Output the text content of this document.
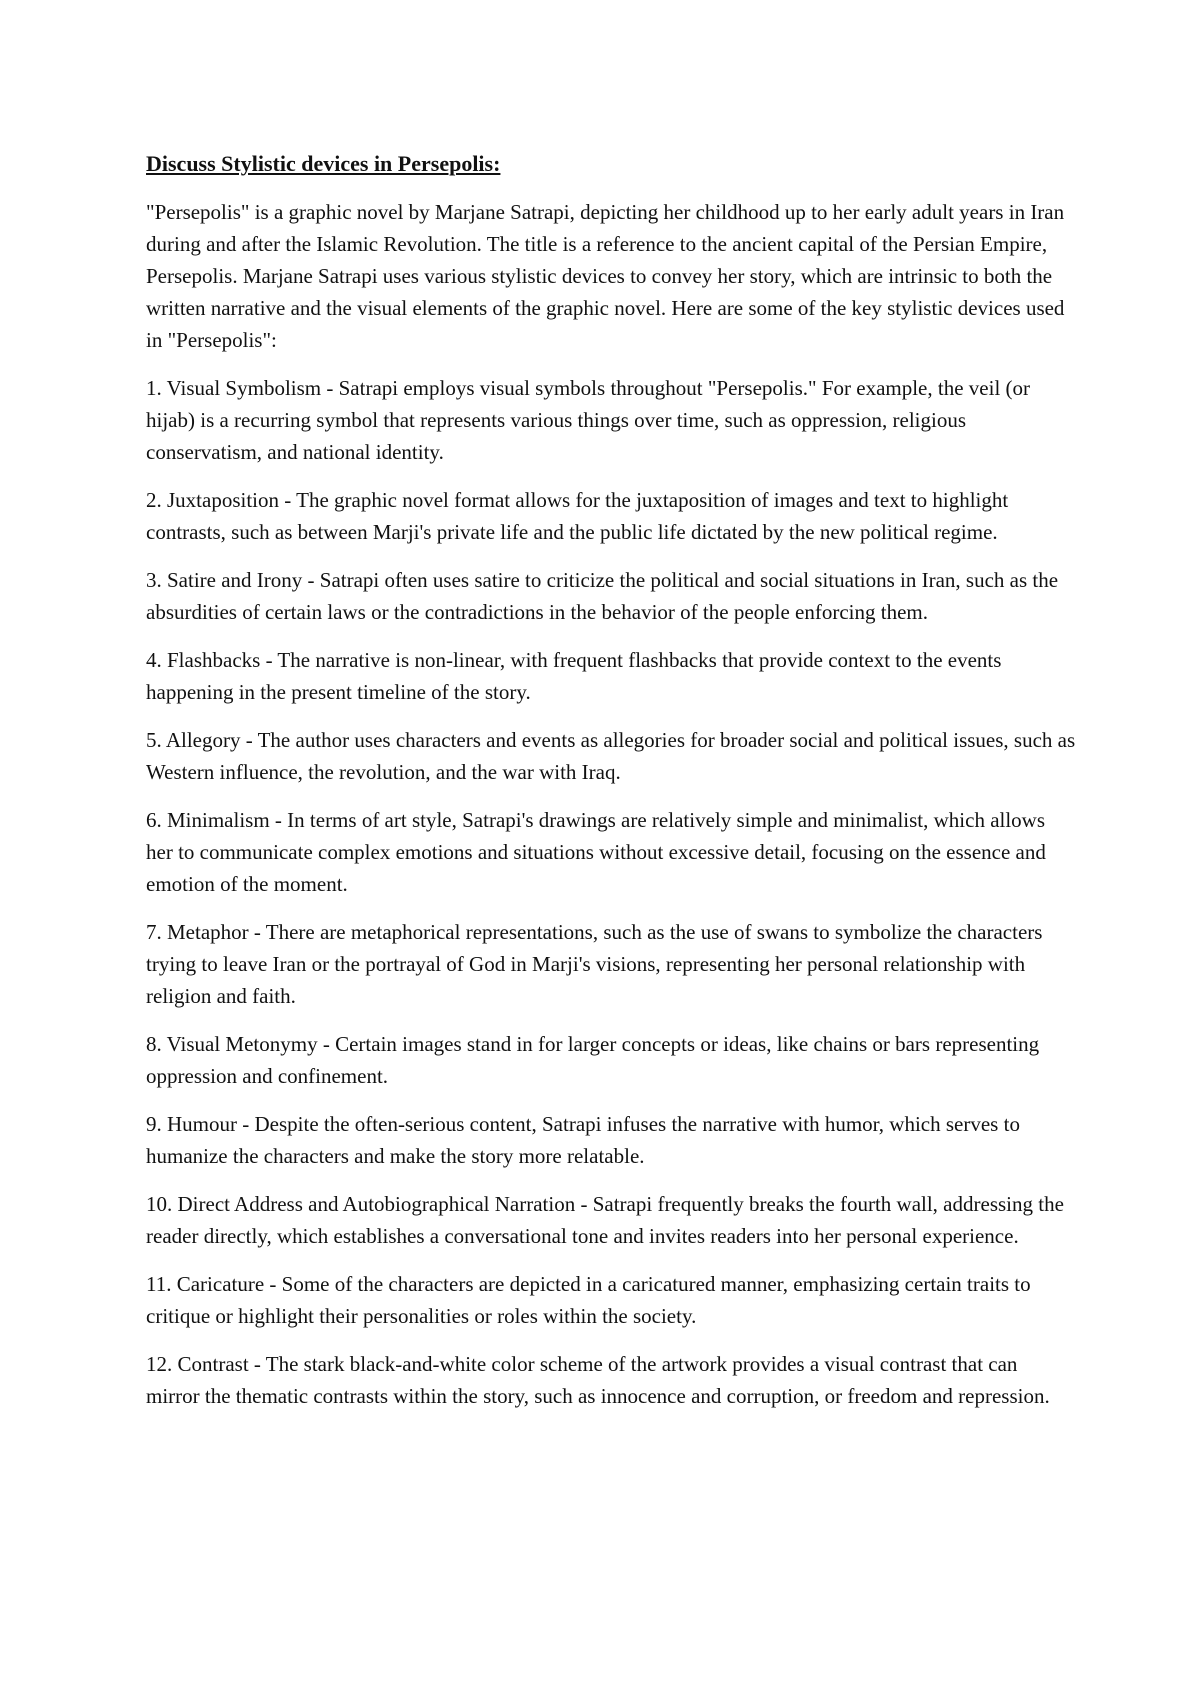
Discuss Stylistic devices in Persepolis:
"Persepolis" is a graphic novel by Marjane Satrapi, depicting her childhood up to her early adult years in Iran during and after the Islamic Revolution. The title is a reference to the ancient capital of the Persian Empire, Persepolis. Marjane Satrapi uses various stylistic devices to convey her story, which are intrinsic to both the written narrative and the visual elements of the graphic novel. Here are some of the key stylistic devices used in "Persepolis":
1. Visual Symbolism - Satrapi employs visual symbols throughout "Persepolis." For example, the veil (or hijab) is a recurring symbol that represents various things over time, such as oppression, religious conservatism, and national identity.
2. Juxtaposition - The graphic novel format allows for the juxtaposition of images and text to highlight contrasts, such as between Marji's private life and the public life dictated by the new political regime.
3. Satire and Irony - Satrapi often uses satire to criticize the political and social situations in Iran, such as the absurdities of certain laws or the contradictions in the behavior of the people enforcing them.
4. Flashbacks - The narrative is non-linear, with frequent flashbacks that provide context to the events happening in the present timeline of the story.
5. Allegory - The author uses characters and events as allegories for broader social and political issues, such as Western influence, the revolution, and the war with Iraq.
6. Minimalism - In terms of art style, Satrapi's drawings are relatively simple and minimalist, which allows her to communicate complex emotions and situations without excessive detail, focusing on the essence and emotion of the moment.
7. Metaphor - There are metaphorical representations, such as the use of swans to symbolize the characters trying to leave Iran or the portrayal of God in Marji's visions, representing her personal relationship with religion and faith.
8. Visual Metonymy - Certain images stand in for larger concepts or ideas, like chains or bars representing oppression and confinement.
9. Humour - Despite the often-serious content, Satrapi infuses the narrative with humor, which serves to humanize the characters and make the story more relatable.
10. Direct Address and Autobiographical Narration - Satrapi frequently breaks the fourth wall, addressing the reader directly, which establishes a conversational tone and invites readers into her personal experience.
11. Caricature - Some of the characters are depicted in a caricatured manner, emphasizing certain traits to critique or highlight their personalities or roles within the society.
12. Contrast - The stark black-and-white color scheme of the artwork provides a visual contrast that can mirror the thematic contrasts within the story, such as innocence and corruption, or freedom and repression.
